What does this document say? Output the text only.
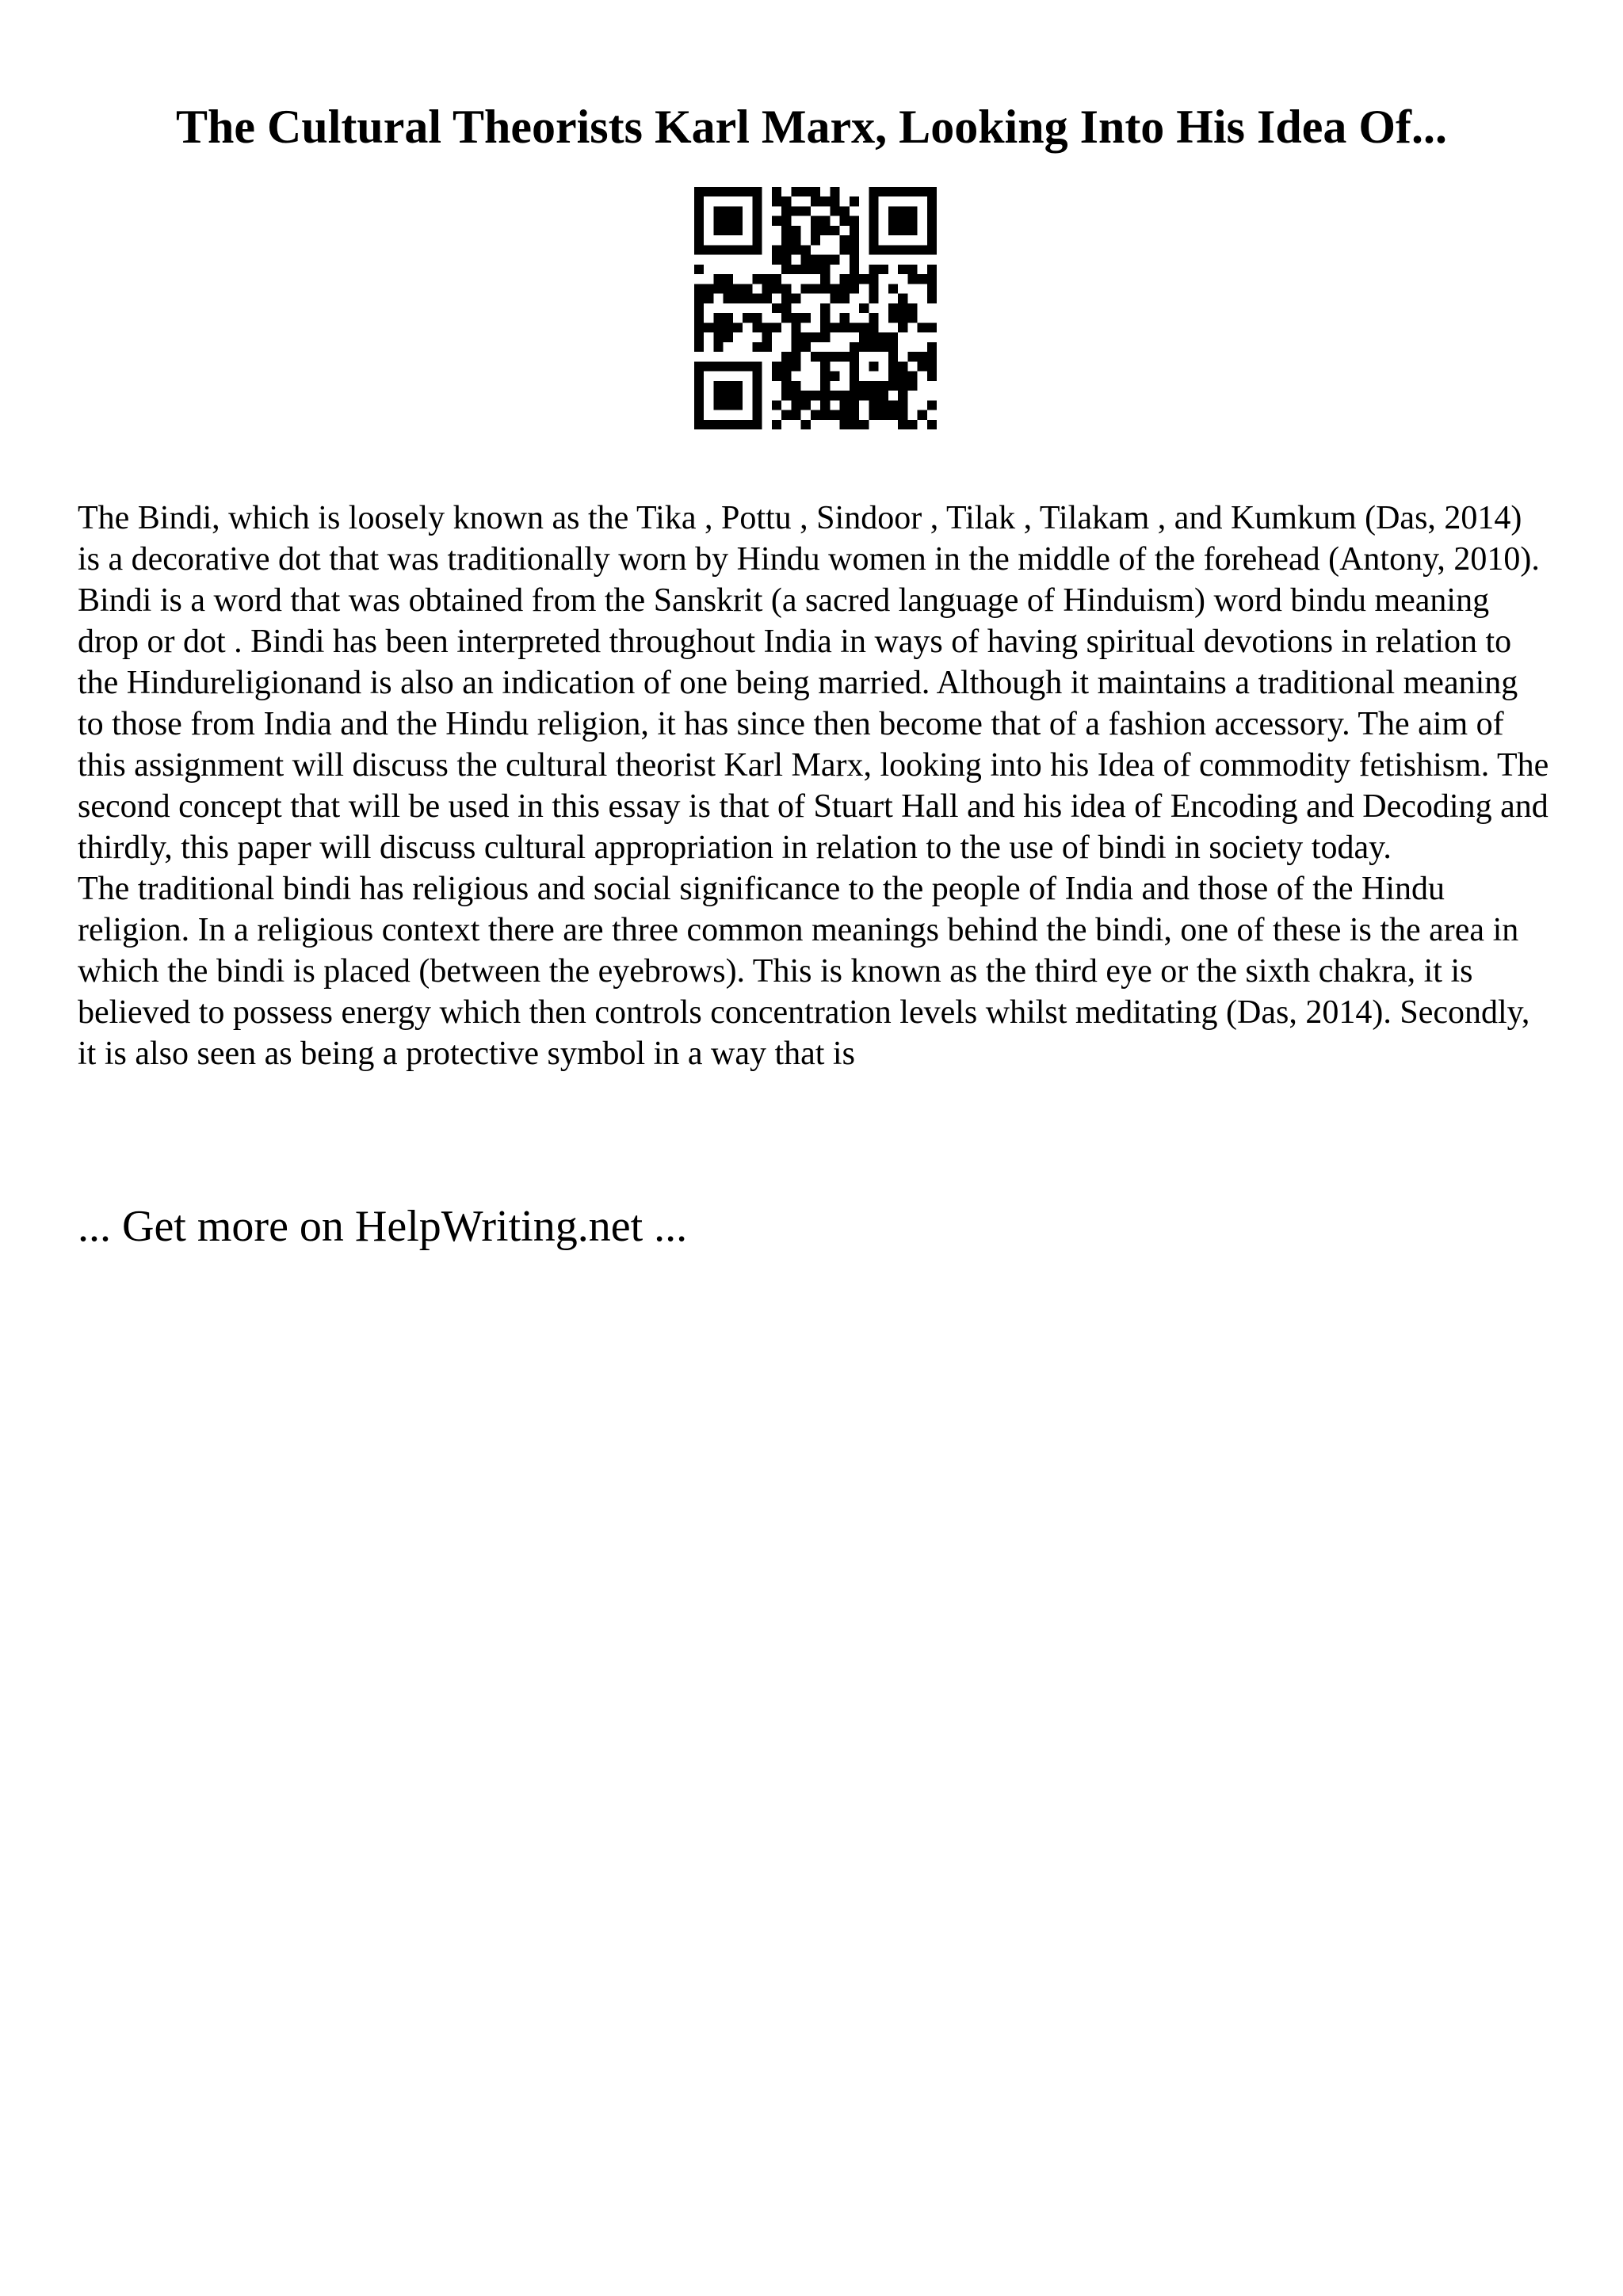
The Cultural Theorists Karl Marx, Looking Into His Idea Of...

The Bindi, which is loosely known as the Tika , Pottu , Sindoor , Tilak , Tilakam , and Kumkum (Das, 2014) is a decorative dot that was traditionally worn by Hindu women in the middle of the forehead (Antony, 2010). Bindi is a word that was obtained from the Sanskrit (a sacred language of Hinduism) word bindu meaning drop or dot . Bindi has been interpreted throughout India in ways of having spiritual devotions in relation to the Hindureligionand is also an indication of one being married. Although it maintains a traditional meaning to those from India and the Hindu religion, it has since then become that of a fashion accessory. The aim of this assignment will discuss the cultural theorist Karl Marx, looking into his Idea of commodity fetishism. The second concept that will be used in this essay is that of Stuart Hall and his idea of Encoding and Decoding and thirdly, this paper will discuss cultural appropriation in relation to the use of bindi in society today.

The traditional bindi has religious and social significance to the people of India and those of the Hindu religion. In a religious context there are three common meanings behind the bindi, one of these is the area in which the bindi is placed (between the eyebrows). This is known as the third eye or the sixth chakra, it is believed to possess energy which then controls concentration levels whilst meditating (Das, 2014). Secondly, it is also seen as being a protective symbol in a way that is

... Get more on HelpWriting.net ...
